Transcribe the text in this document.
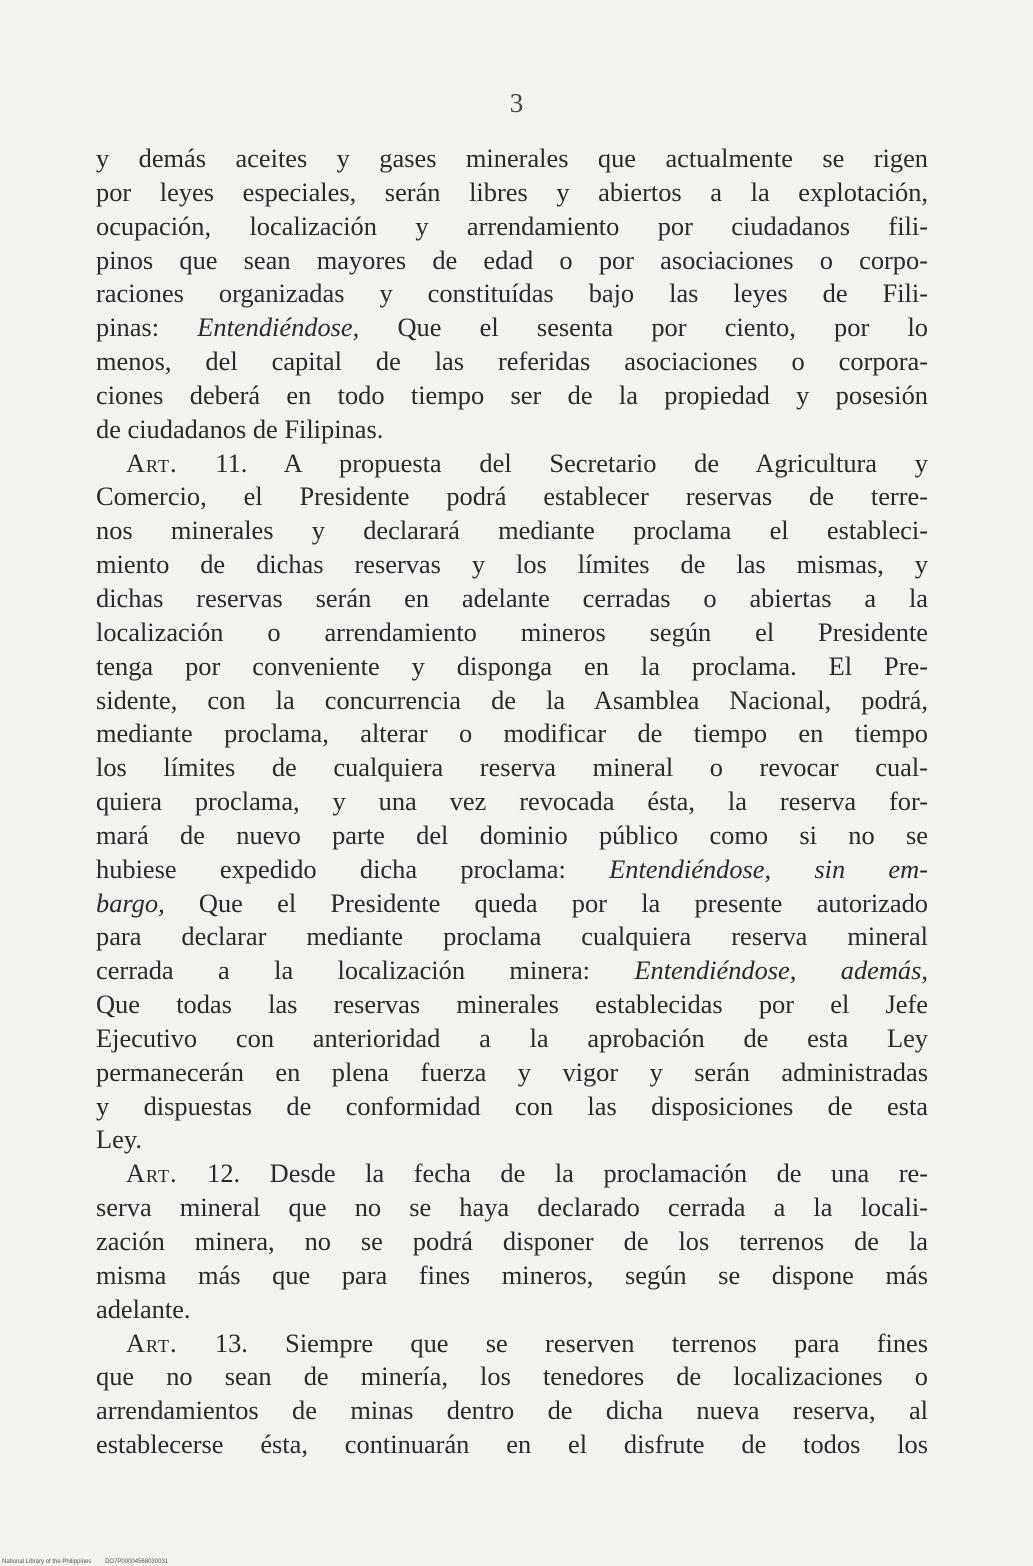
3
y demás aceites y gases minerales que actualmente se rigen
por leyes especiales, serán libres y abiertos a la explotación,
ocupación, localización y arrendamiento por ciudadanos fili-
pinos que sean mayores de edad o por asociaciones o corpo-
raciones organizadas y constituídas bajo las leyes de Fili-
pinas: Entendiéndose, Que el sesenta por ciento, por lo
menos, del capital de las referidas asociaciones o corpora-
ciones deberá en todo tiempo ser de la propiedad y posesión
de ciudadanos de Filipinas.
Art. 11. A propuesta del Secretario de Agricultura y
Comercio, el Presidente podrá establecer reservas de terre-
nos minerales y declarará mediante proclama el estableci-
miento de dichas reservas y los límites de las mismas, y
dichas reservas serán en adelante cerradas o abiertas a la
localización o arrendamiento mineros según el Presidente
tenga por conveniente y disponga en la proclama. El Pre-
sidente, con la concurrencia de la Asamblea Nacional, podrá,
mediante proclama, alterar o modificar de tiempo en tiempo
los límites de cualquiera reserva mineral o revocar cual-
quiera proclama, y una vez revocada ésta, la reserva for-
mará de nuevo parte del dominio público como si no se
hubiese expedido dicha proclama: Entendiéndose, sin em-
bargo, Que el Presidente queda por la presente autorizado
para declarar mediante proclama cualquiera reserva mineral
cerrada a la localización minera: Entendiéndose, además,
Que todas las reservas minerales establecidas por el Jefe
Ejecutivo con anterioridad a la aprobación de esta Ley
permanecerán en plena fuerza y vigor y serán administradas
y dispuestas de conformidad con las disposiciones de esta
Ley.
Art. 12. Desde la fecha de la proclamación de una re-
serva mineral que no se haya declarado cerrada a la locali-
zación minera, no se podrá disponer de los terrenos de la
misma más que para fines mineros, según se dispone más
adelante.
Art. 13. Siempre que se reserven terrenos para fines
que no sean de minería, los tenedores de localizaciones o
arrendamientos de minas dentro de dicha nueva reserva, al
establecerse ésta, continuarán en el disfrute de todos los
National Library of the Philippines DO7P00004568030031
